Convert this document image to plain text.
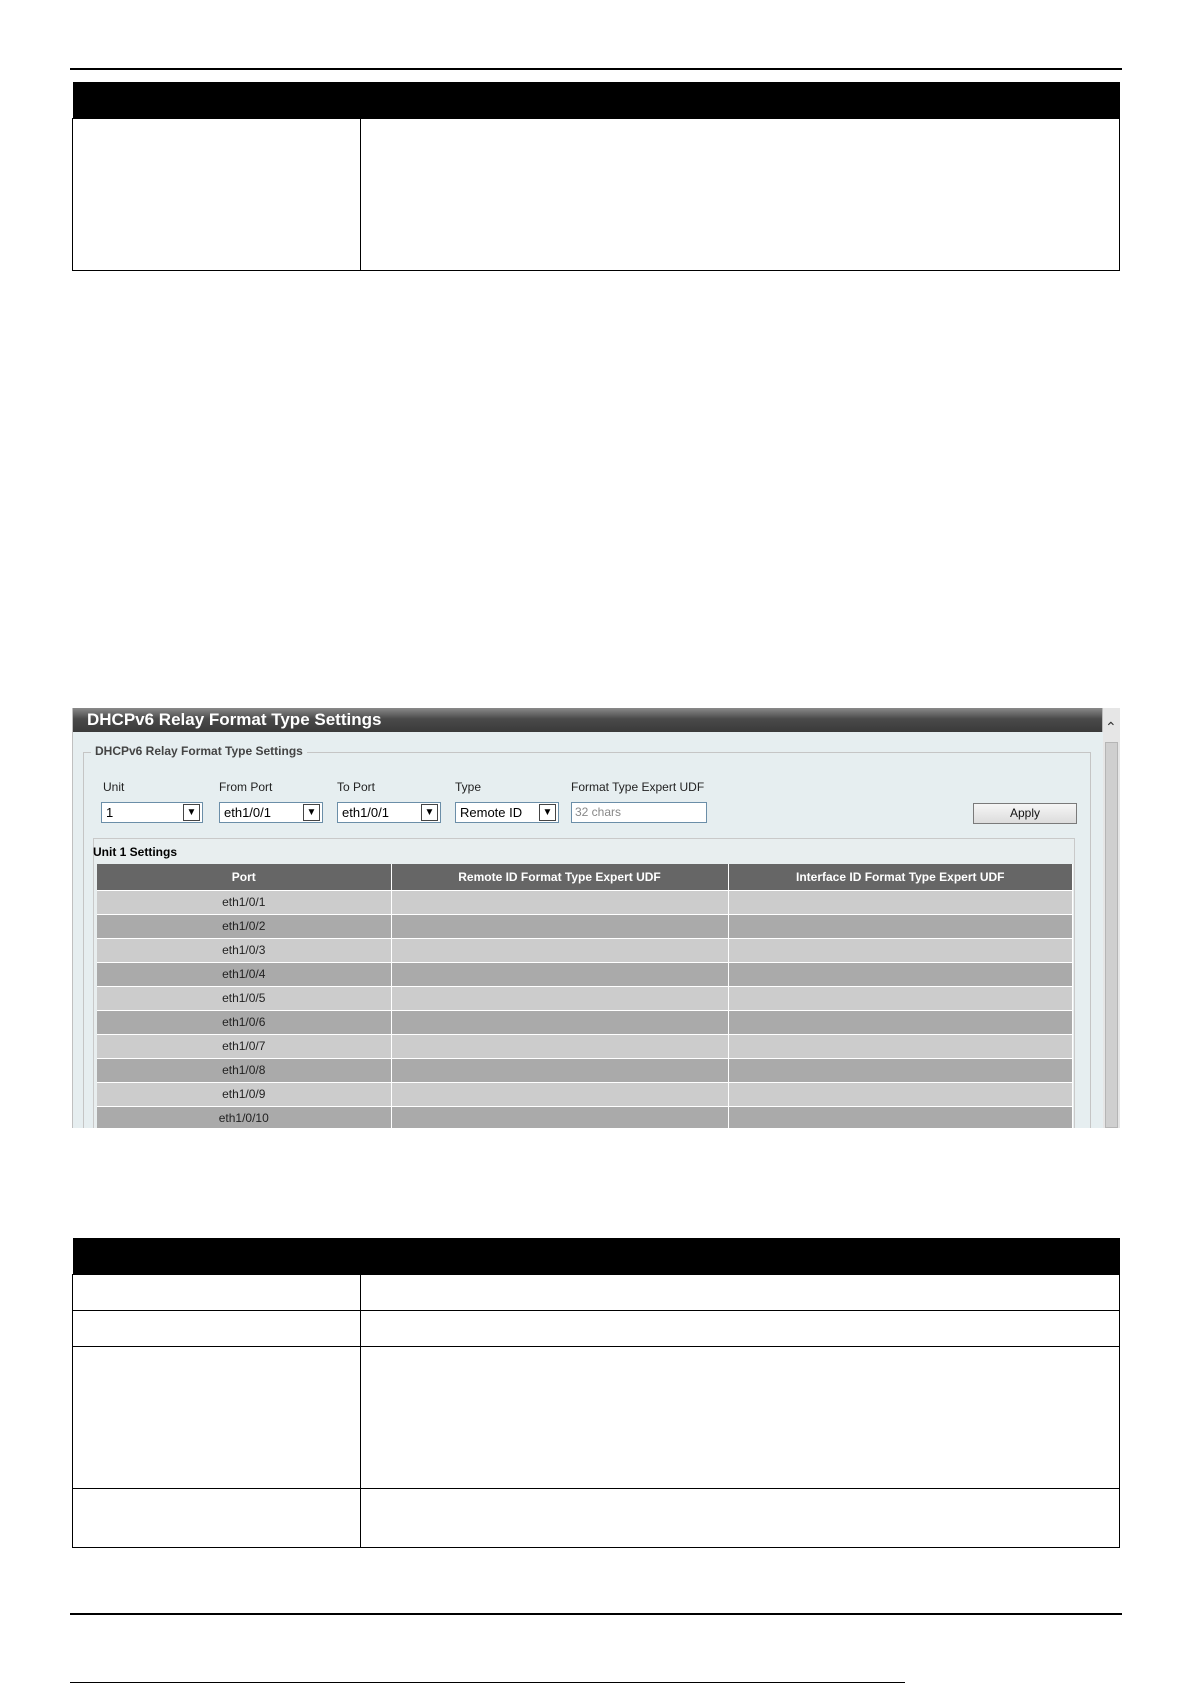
DHCPv6 Relay Format Type Settings	⌃
DHCPv6 Relay Format Type Settings
Unit	From Port	To Port	Type	Format Type Expert UDF
1	▼	eth1/0/1	▼	eth1/0/1	▼	Remote ID	▼	32 chars	Apply
Unit 1 Settings
Port	Remote ID Format Type Expert UDF	Interface ID Format Type Expert UDF
eth1/0/1		
eth1/0/2		
eth1/0/3		
eth1/0/4		
eth1/0/5		
eth1/0/6		
eth1/0/7		
eth1/0/8		
eth1/0/9		
eth1/0/10		
